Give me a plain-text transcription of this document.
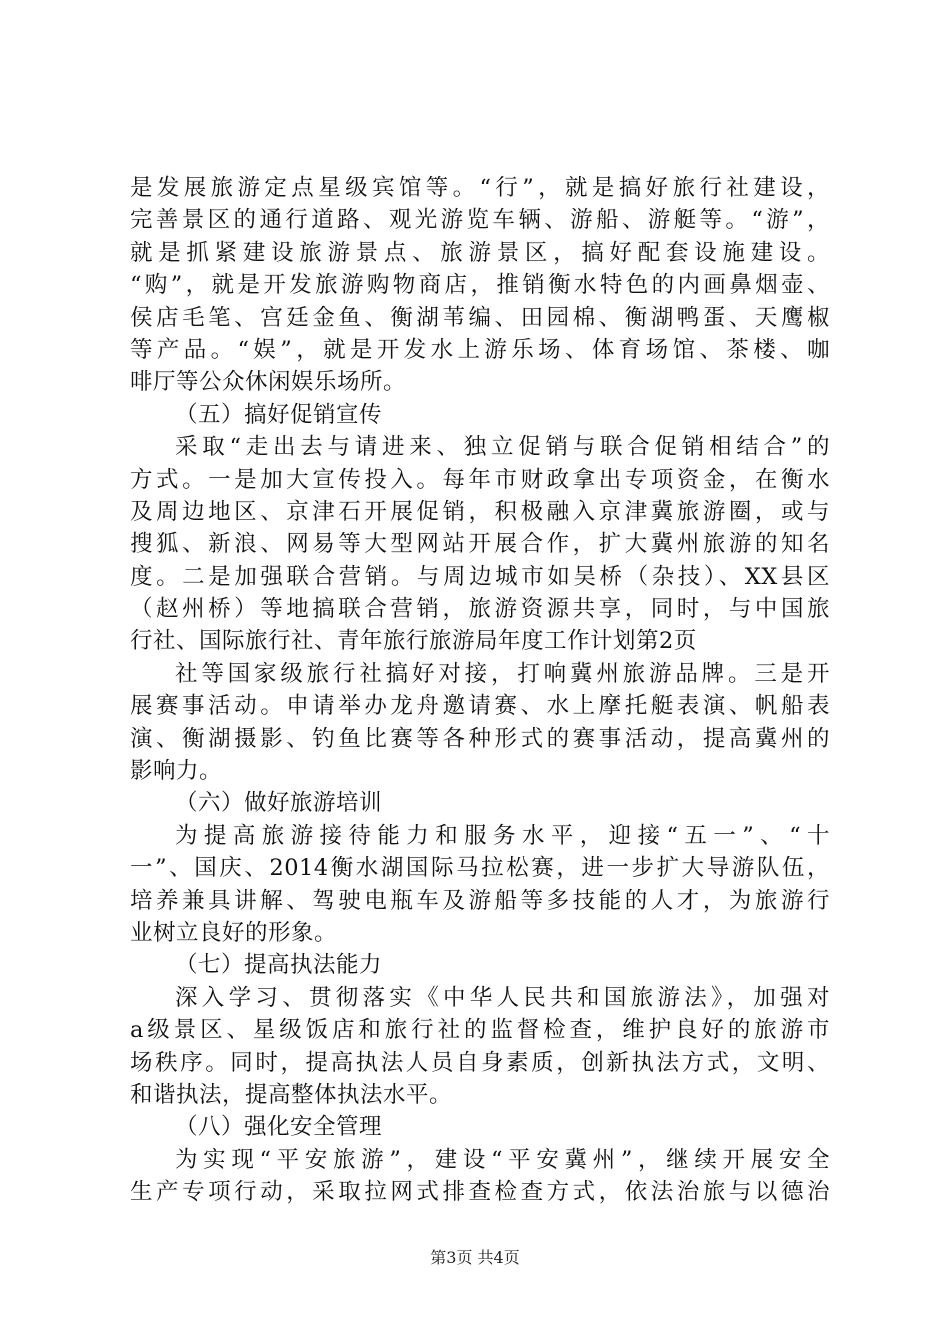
是发展旅游定点星级宾馆等。“行”，就是搞好旅行社建设，
完善景区的通行道路、观光游览车辆、游船、游艇等。“游”，
就是抓紧建设旅游景点、旅游景区，搞好配套设施建设。
“购”，就是开发旅游购物商店，推销衡水特色的内画鼻烟壶、
侯店毛笔、宫廷金鱼、衡湖苇编、田园棉、衡湖鸭蛋、天鹰椒
等产品。“娱”，就是开发水上游乐场、体育场馆、茶楼、咖
啡厅等公众休闲娱乐场所。
（五）搞好促销宣传
采取“走出去与请进来、独立促销与联合促销相结合”的
方式。一是加大宣传投入。每年市财政拿出专项资金，在衡水
及周边地区、京津石开展促销，积极融入京津冀旅游圈，或与
搜狐、新浪、网易等大型网站开展合作，扩大冀州旅游的知名
度。二是加强联合营销。与周边城市如吴桥（杂技）、XX县区
（赵州桥）等地搞联合营销，旅游资源共享，同时，与中国旅
行社、国际旅行社、青年旅行旅游局年度工作计划第2页
社等国家级旅行社搞好对接，打响冀州旅游品牌。三是开
展赛事活动。申请举办龙舟邀请赛、水上摩托艇表演、帆船表
演、衡湖摄影、钓鱼比赛等各种形式的赛事活动，提高冀州的
影响力。
（六）做好旅游培训
为提高旅游接待能力和服务水平，迎接“五一”、“十
一”、国庆、2014衡水湖国际马拉松赛，进一步扩大导游队伍，
培养兼具讲解、驾驶电瓶车及游船等多技能的人才，为旅游行
业树立良好的形象。
（七）提高执法能力
深入学习、贯彻落实《中华人民共和国旅游法》，加强对
a级景区、星级饭店和旅行社的监督检查，维护良好的旅游市
场秩序。同时，提高执法人员自身素质，创新执法方式，文明、
和谐执法，提高整体执法水平。
（八）强化安全管理
为实现“平安旅游”，建设“平安冀州”，继续开展安全
生产专项行动，采取拉网式排查检查方式，依法治旅与以德治
第3页 共4页
